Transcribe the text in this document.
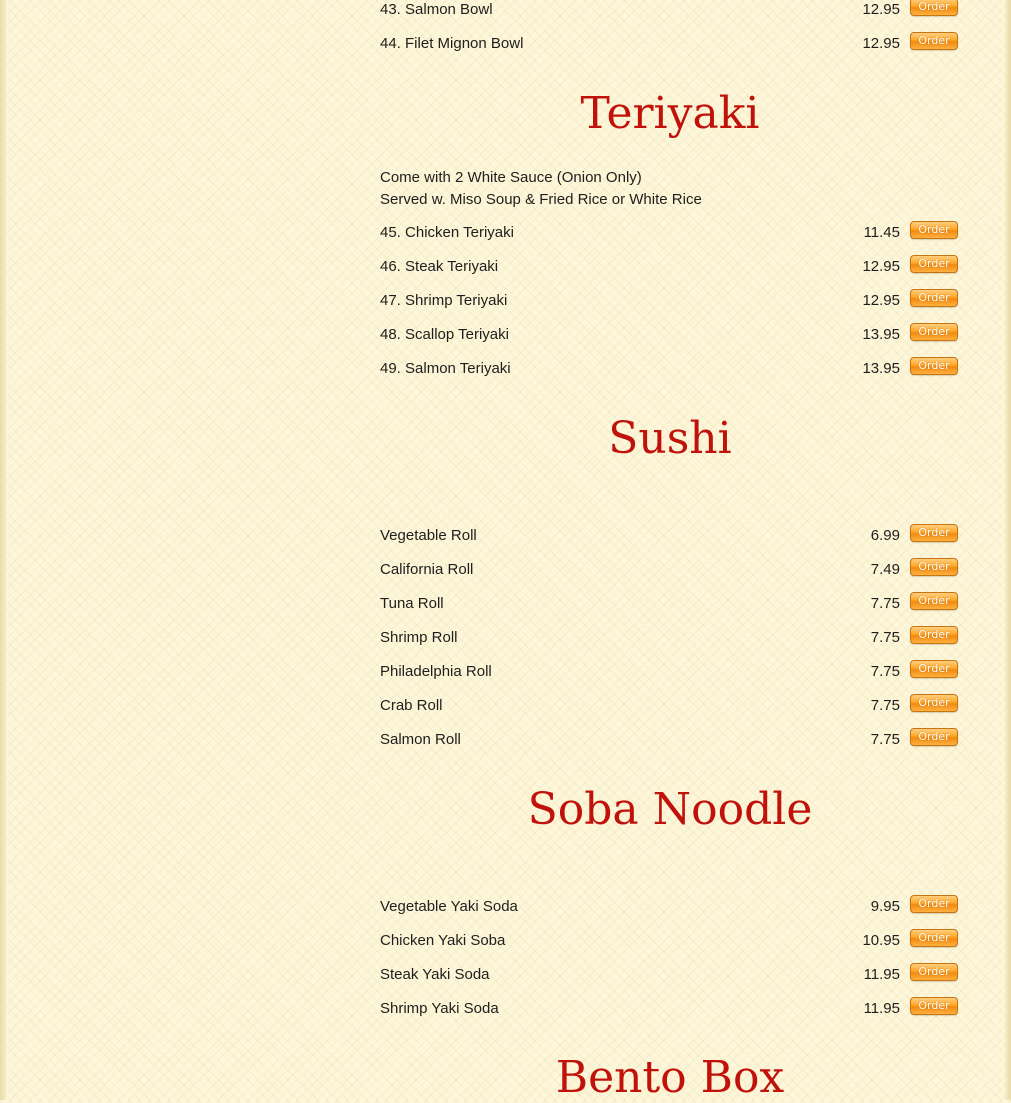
43. Salmon Bowl	12.95	Order
44. Filet Mignon Bowl	12.95	Order
Teriyaki
Come with 2 White Sauce (Onion Only)
Served w. Miso Soup & Fried Rice or White Rice
45. Chicken Teriyaki	11.45	Order
46. Steak Teriyaki	12.95	Order
47. Shrimp Teriyaki	12.95	Order
48. Scallop Teriyaki	13.95	Order
49. Salmon Teriyaki	13.95	Order
Sushi
Vegetable Roll	6.99	Order
California Roll	7.49	Order
Tuna Roll	7.75	Order
Shrimp Roll	7.75	Order
Philadelphia Roll	7.75	Order
Crab Roll	7.75	Order
Salmon Roll	7.75	Order
Soba Noodle
Vegetable Yaki Soda	9.95	Order
Chicken Yaki Soba	10.95	Order
Steak Yaki Soda	11.95	Order
Shrimp Yaki Soda	11.95	Order
Bento Box
